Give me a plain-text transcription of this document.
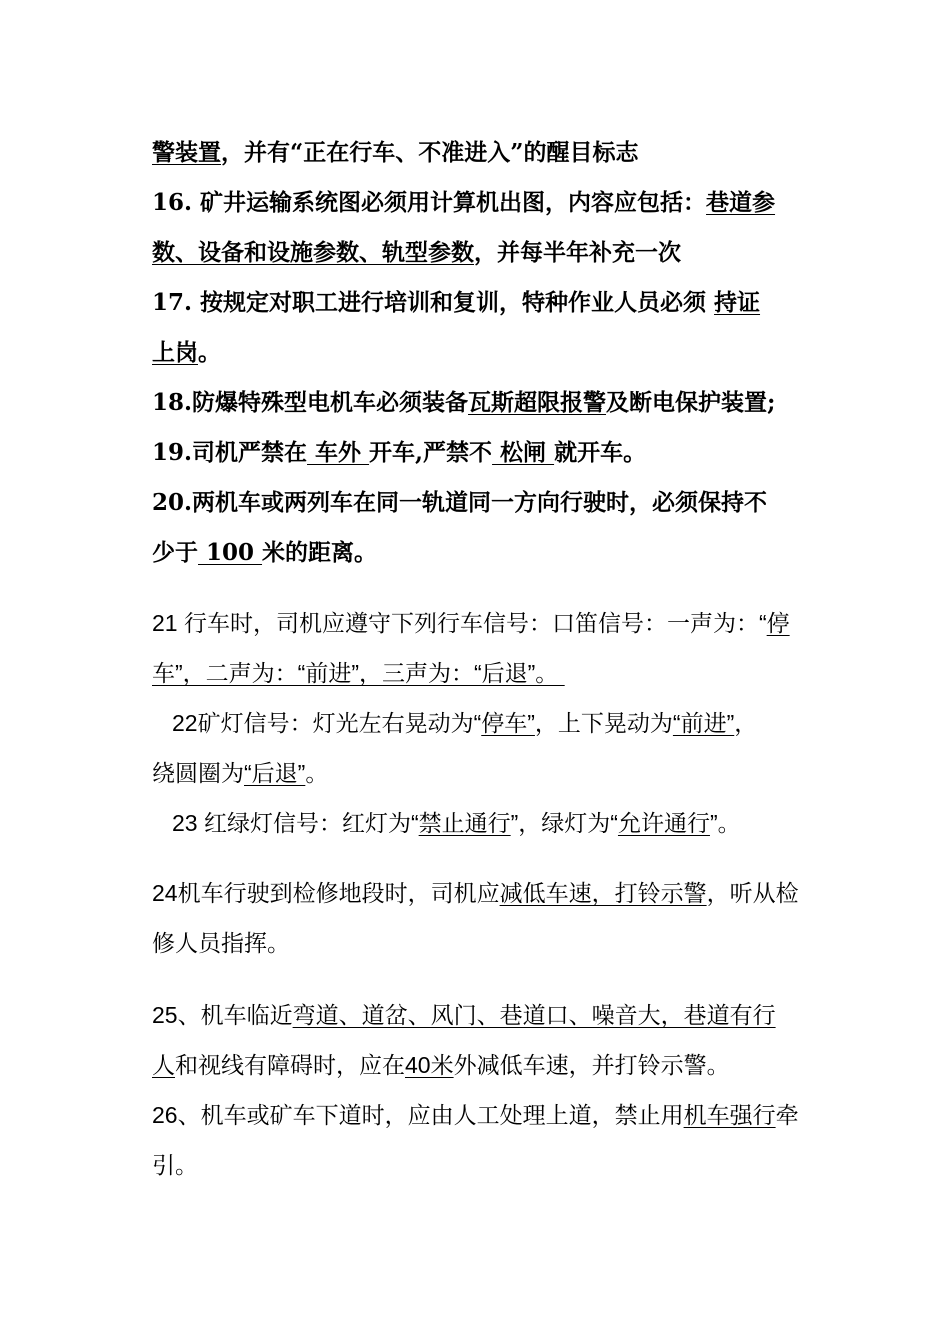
警装置，并有“正在行车、不准进入”的醒目标志
16. 矿井运输系统图必须用计算机出图，内容应包括：巷道参
数、设备和设施参数、轨型参数，并每半年补充一次
17. 按规定对职工进行培训和复训，特种作业人员必须 持证
上岗。
18.防爆特殊型电机车必须装备瓦斯超限报警及断电保护装置;
19.司机严禁在 车外 开车,严禁不 松闸 就开车。
20.两机车或两列车在同一轨道同一方向行驶时，必须保持不
少于 100 米的距离。
21 行车时，司机应遵守下列行车信号：口笛信号：一声为：“停
车”，二声为：“前进”，三声为：“后退”。
22矿灯信号：灯光左右晃动为“停车”，上下晃动为“前进”，
绕圆圈为“后退”。
23 红绿灯信号：红灯为“禁止通行”，绿灯为“允许通行”。
24机车行驶到检修地段时，司机应减低车速，打铃示警，听从检
修人员指挥。
25、机车临近弯道、道岔、风门、巷道口、噪音大，巷道有行
人和视线有障碍时，应在40米外减低车速，并打铃示警。
26、机车或矿车下道时，应由人工处理上道，禁止用机车强行牵
引。
